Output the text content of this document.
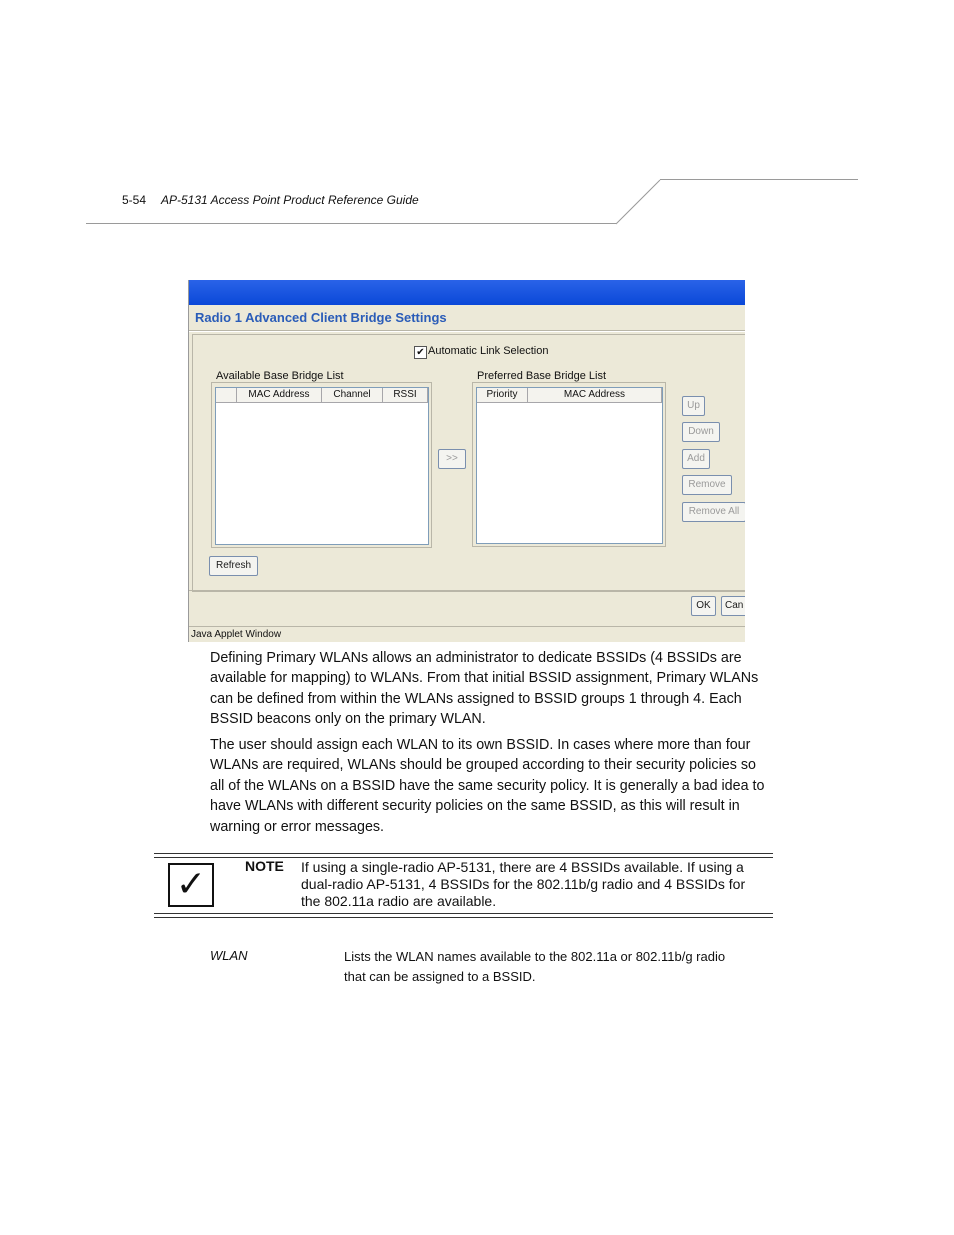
5-54 AP-5131 Access Point Product Reference Guide
Radio 1 Advanced Client Bridge Settings
✔ Automatic Link Selection
Available Base Bridge List
MAC Address	Channel	RSSI
>>
Preferred Base Bridge List
Priority	MAC Address
Up
Down
Add
Remove
Remove All
Refresh
OK	Can
Java Applet Window
Defining Primary WLANs allows an administrator to dedicate BSSIDs (4 BSSIDs are available for mapping) to WLANs. From that initial BSSID assignment, Primary WLANs can be defined from within the WLANs assigned to BSSID groups 1 through 4. Each BSSID beacons only on the primary WLAN.
The user should assign each WLAN to its own BSSID. In cases where more than four WLANs are required, WLANs should be grouped according to their security policies so all of the WLANs on a BSSID have the same security policy. It is generally a bad idea to have WLANs with different security policies on the same BSSID, as this will result in warning or error messages.
✓	NOTE If using a single-radio AP-5131, there are 4 BSSIDs available. If using a dual-radio AP-5131, 4 BSSIDs for the 802.11b/g radio and 4 BSSIDs for the 802.11a radio are available.
WLAN	Lists the WLAN names available to the 802.11a or 802.11b/g radio that can be assigned to a BSSID.
